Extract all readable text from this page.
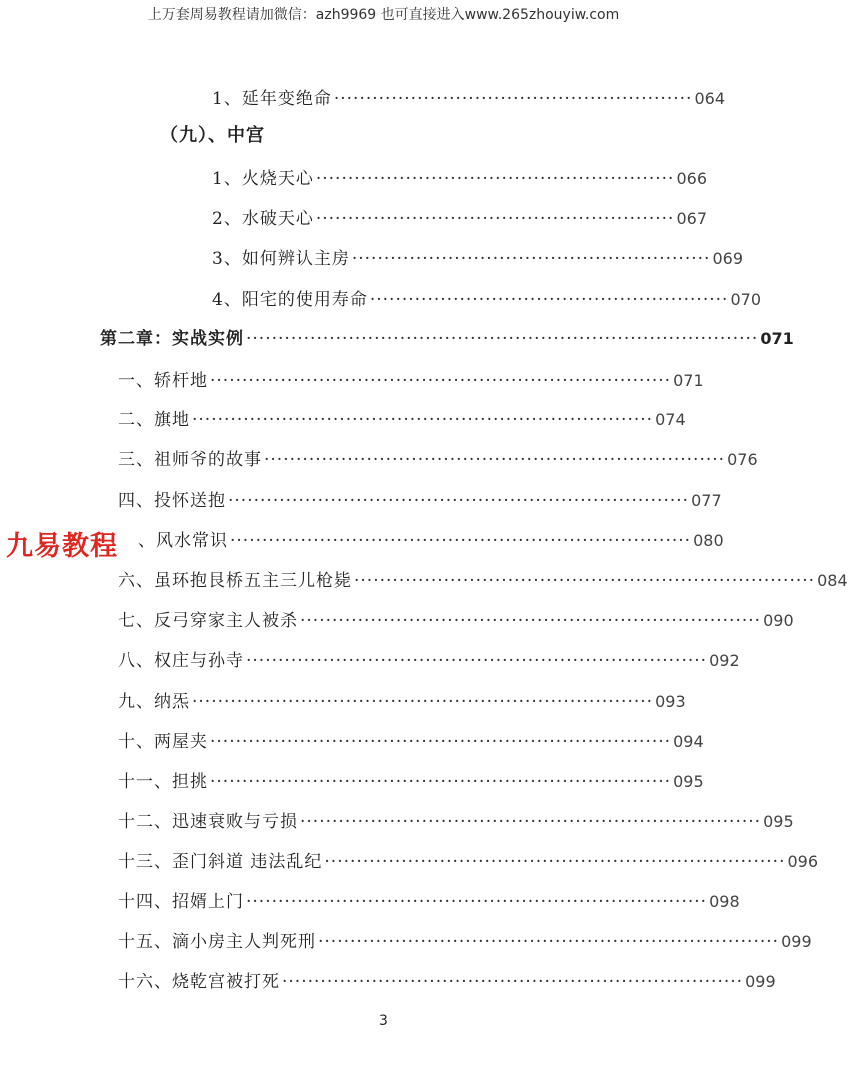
上万套周易教程请加微信：azh9969 也可直接进入www.265zhouyiw.com
1、延年变绝命 ························································ 064
（九）、中宫
1、火烧天心 ························································ 066
2、水破天心 ························································ 067
3、如何辨认主房 ························································ 069
4、阳宅的使用寿命 ························································ 070
第二章：实战实例 ················································································ 071
一、轿杆地 ········································································ 071
二、旗地 ········································································ 074
三、祖师爷的故事 ········································································ 076
四、投怀送抱 ········································································ 077
、风水常识 ········································································ 080
六、虽环抱艮桥五主三儿枪毙 ········································································ 084
七、反弓穿家主人被杀 ········································································ 090
八、权庄与孙寺 ········································································ 092
九、纳炁 ········································································ 093
十、两屋夹 ········································································ 094
十一、担挑 ········································································ 095
十二、迅速衰败与亏损 ········································································ 095
十三、歪门斜道 违法乱纪 ········································································ 096
十四、招婿上门 ········································································ 098
十五、滴小房主人判死刑 ········································································ 099
十六、烧乾宫被打死 ········································································ 099
九易教程
3
